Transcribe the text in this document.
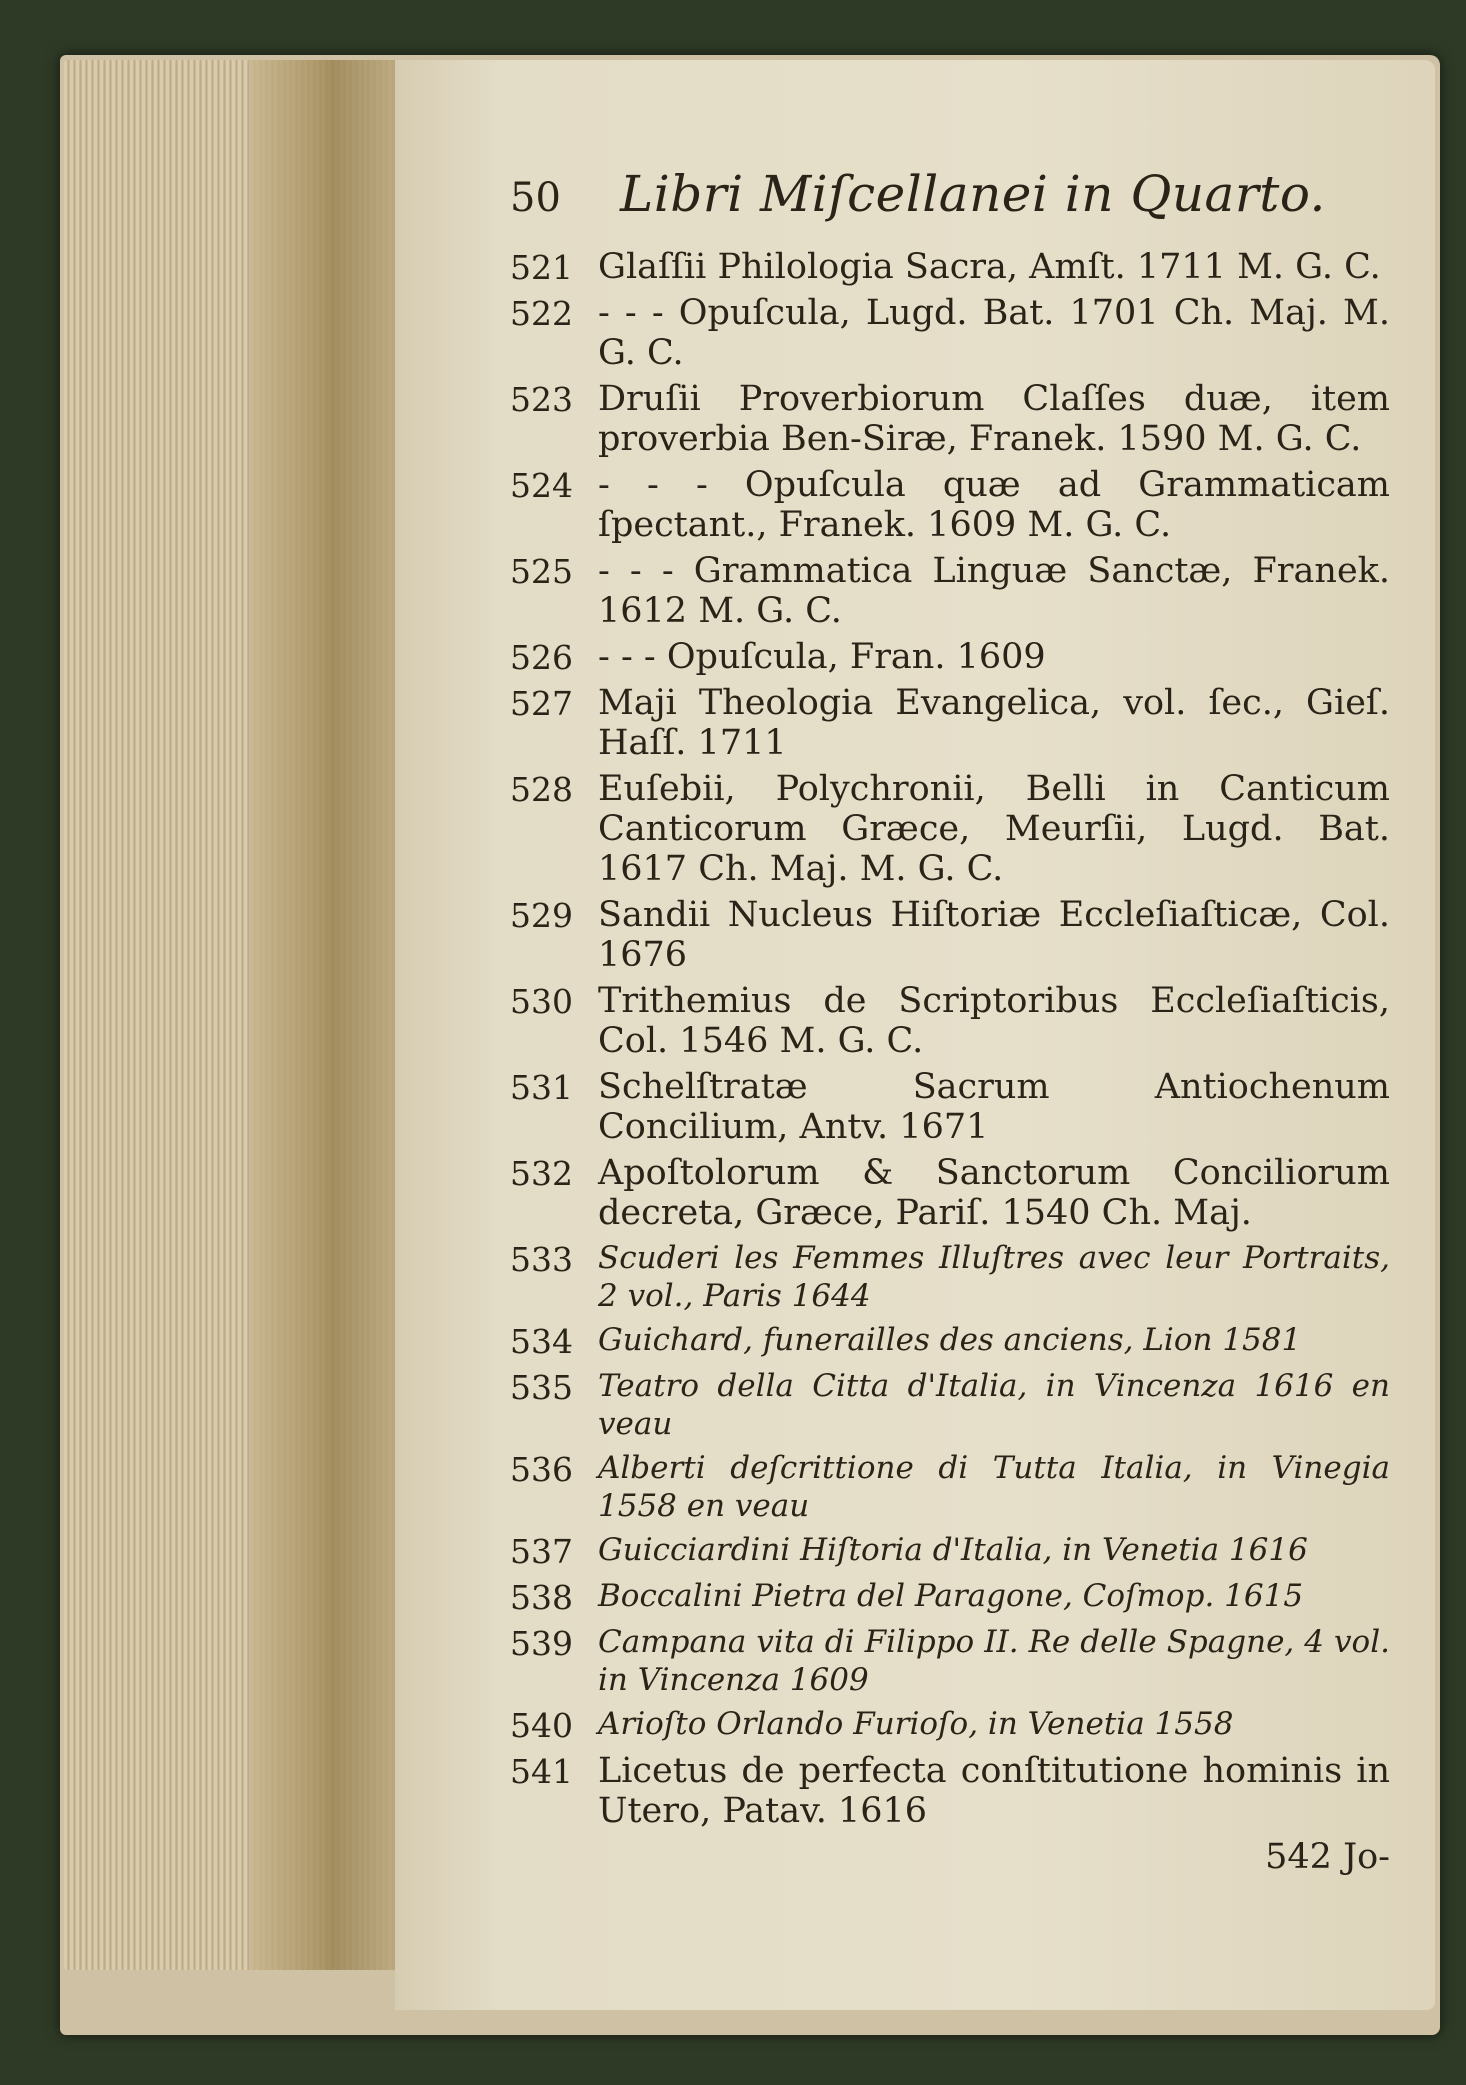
50	Libri Miſcellanei in Quarto.
521 Glaſſii Philologia Sacra, Amſt. 1711 M. G. C.
522 - - - Opuſcula, Lugd. Bat. 1701 Ch. Maj. M. G. C.
523 Druſii Proverbiorum Claſſes duæ, item proverbia Ben-Siræ, Franek. 1590 M. G. C.
524 - - - Opuſcula quæ ad Grammaticam ſpectant., Franek. 1609 M. G. C.
525 - - - Grammatica Linguæ Sanctæ, Franek. 1612 M. G. C.
526 - - - Opuſcula, Fran. 1609
527 Maji Theologia Evangelica, vol. ſec., Gieſ. Haſſ. 1711
528 Euſebii, Polychronii, Belli in Canticum Canticorum Græce, Meurſii, Lugd. Bat. 1617 Ch. Maj. M. G. C.
529 Sandii Nucleus Hiſtoriæ Eccleſiaſticæ, Col. 1676
530 Trithemius de Scriptoribus Eccleſiaſticis, Col. 1546 M. G. C.
531 Schelſtratæ Sacrum Antiochenum Concilium, Antv. 1671
532 Apoſtolorum & Sanctorum Conciliorum decreta, Græce, Pariſ. 1540 Ch. Maj.
533 Scuderi les Femmes Illuſtres avec leur Portraits, 2 vol., Paris 1644
534 Guichard, funerailles des anciens, Lion 1581
535 Teatro della Citta d'Italia, in Vincenza 1616 en veau
536 Alberti deſcrittione di Tutta Italia, in Vinegia 1558 en veau
537 Guicciardini Hiſtoria d'Italia, in Venetia 1616
538 Boccalini Pietra del Paragone, Coſmop. 1615
539 Campana vita di Filippo II. Re delle Spagne, 4 vol. in Vincenza 1609
540 Arioſto Orlando Furioſo, in Venetia 1558
541 Licetus de perfecta conſtitutione hominis in Utero, Patav. 1616
542 Jo-
